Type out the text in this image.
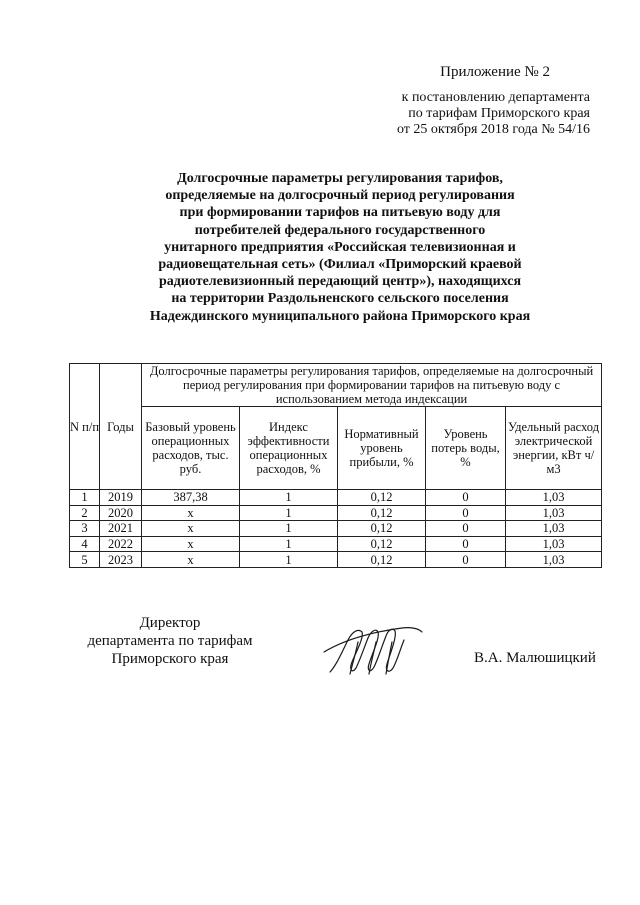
Приложение № 2
к постановлению департамента
по тарифам Приморского края
от 25 октября 2018 года № 54/16
Долгосрочные параметры регулирования тарифов,
определяемые на долгосрочный период регулирования
при формировании тарифов на питьевую воду для
потребителей федерального государственного
унитарного предприятия «Российская телевизионная и
радиовещательная сеть» (Филиал «Приморский краевой
радиотелевизионный передающий центр»), находящихся
на территории Раздольненского сельского поселения
Надеждинского муниципального района Приморского края
N п/п	Годы	Долгосрочные параметры регулирования тарифов, определяемые на долгосрочный период регулирования при формировании тарифов на питьевую воду с использованием метода индексации				
		Базовый уровень операционных расходов, тыс. руб.	Индекс эффективности операционных расходов, %	Нормативный уровень прибыли, %	Уровень потерь воды, %	Удельный расход электрической энергии, кВт ч/м3
1	2019	387,38	1	0,12	0	1,03
2	2020	х	1	0,12	0	1,03
3	2021	х	1	0,12	0	1,03
4	2022	х	1	0,12	0	1,03
5	2023	х	1	0,12	0	1,03
Директор
департамента по тарифам
Приморского края	В.А. Малюшицкий
